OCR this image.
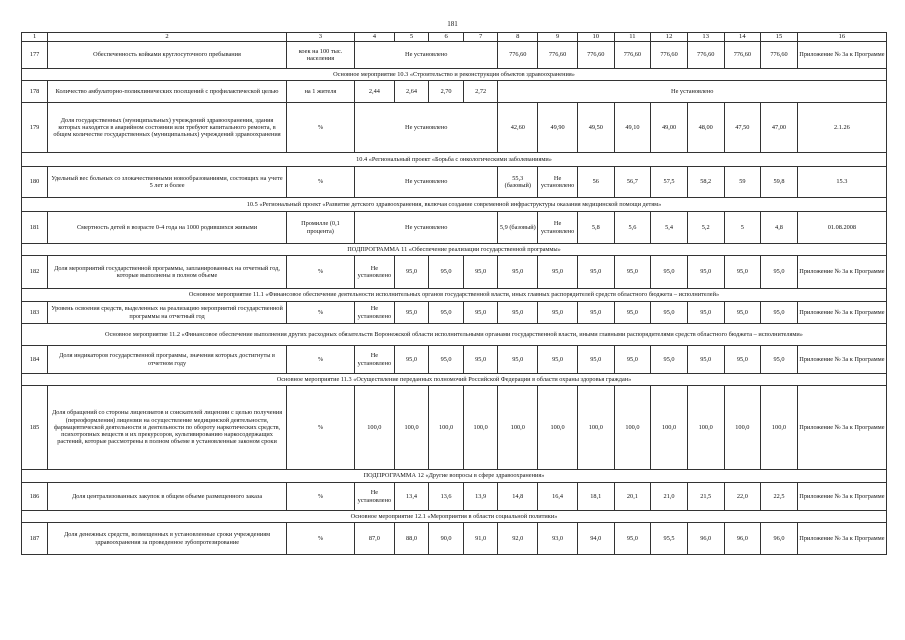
181
1	2	3	4	5	6	7	8	9	10	11	12	13	14	15	16
177	Обеспеченность койками круглосуточного пребывания	коек на 100 тыс. населения	Не установлено				776,60	776,60	776,60	776,60	776,60	776,60	776,60	776,60	Приложение № 3а к Программе
Основное мероприятие 10.3 «Строительство и реконструкция объектов здравоохранения»															
178	Количество амбулаторно-поликлинических посещений с профилактической целью	на 1 жителя	2,44	2,64	2,70	2,72	Не установлено								
179	Доля государственных (муниципальных) учреждений здравоохранения, здания которых находятся в аварийном состоянии или требуют капитального ремонта, в общем количестве государственных (муниципальных) учреждений здравоохранения	%	Не установлено				42,60	49,90	49,50	49,10	49,00	48,00	47,50	47,00	2.1.26
10.4 «Региональный проект «Борьба с онкологическими заболеваниями»															
180	Удельный вес больных со злокачественными новообразованиями, состоящих на учете 5 лет и более	%	Не установлено				55,3 (базовый)	Не установлено	56	56,7	57,5	58,2	59	59,8	15.3
10.5 «Региональный проект «Развитие детского здравоохранения, включая создание современной инфраструктуры оказания медицинской помощи детям»															
181	Смертность детей в возрасте 0-4 года на 1000 родившихся живыми	Промилле (0,1 процента)	Не установлено				5,9 (базовый)	Не установлено	5,8	5,6	5,4	5,2	5	4,8	01.08.2008
ПОДПРОГРАММА 11 «Обеспечение реализации государственной программы»															
182	Доля мероприятий государственной программы, запланированных на отчетный год, которые выполнены в полном объеме	%	Не установлено	95,0	95,0	95,0	95,0	95,0	95,0	95,0	95,0	95,0	95,0	95,0	Приложение № 3а к Программе
Основное мероприятие 11.1 «Финансовое обеспечение деятельности исполнительных органов государственной власти, иных главных распорядителей средств областного бюджета – исполнителей»															
183	Уровень освоения средств, выделенных на реализацию мероприятий государственной программы на отчетный год	%	Не установлено	95,0	95,0	95,0	95,0	95,0	95,0	95,0	95,0	95,0	95,0	95,0	Приложение № 3а к Программе
Основное мероприятие 11.2 «Финансовое обеспечение выполнения других расходных обязательств Воронежской области исполнительными органами государственной власти, иными главными распорядителями средств областного бюджета – исполнителями»															
184	Доля индикаторов государственной программы, значения которых достигнуты в отчетном году	%	Не установлено	95,0	95,0	95,0	95,0	95,0	95,0	95,0	95,0	95,0	95,0	95,0	Приложение № 3а к Программе
Основное мероприятие 11.3 «Осуществление переданных полномочий Российской Федерации в области охраны здоровья граждан»															
185	Доля обращений со стороны лицензиатов и соискателей лицензии с целью получения (переоформления) лицензии на осуществление медицинской деятельности, фармацевтической деятельности и деятельности по обороту наркотических средств, психотропных веществ и их прекурсоров, культивированию наркосодержащих растений, которые рассмотрены в полном объеме в установленные законом сроки	%	100,0	100,0	100,0	100,0	100,0	100,0	100,0	100,0	100,0	100,0	100,0	100,0	Приложение № 3а к Программе
ПОДПРОГРАММА 12 «Другие вопросы в сфере здравоохранения»															
186	Доля централизованных закупок в общем объеме размещенного заказа	%	Не установлено	13,4	13,6	13,9	14,8	16,4	18,1	20,1	21,0	21,5	22,0	22,5	Приложение № 3а к Программе
Основное мероприятие 12.1 «Мероприятия в области социальной политики»															
187	Доля денежных средств, возмещенных в установленные сроки учреждениям здравоохранения за проведенное зубопротезирование	%	87,0	88,0	90,0	91,0	92,0	93,0	94,0	95,0	95,5	96,0	96,0	96,0	Приложение № 3а к Программе
